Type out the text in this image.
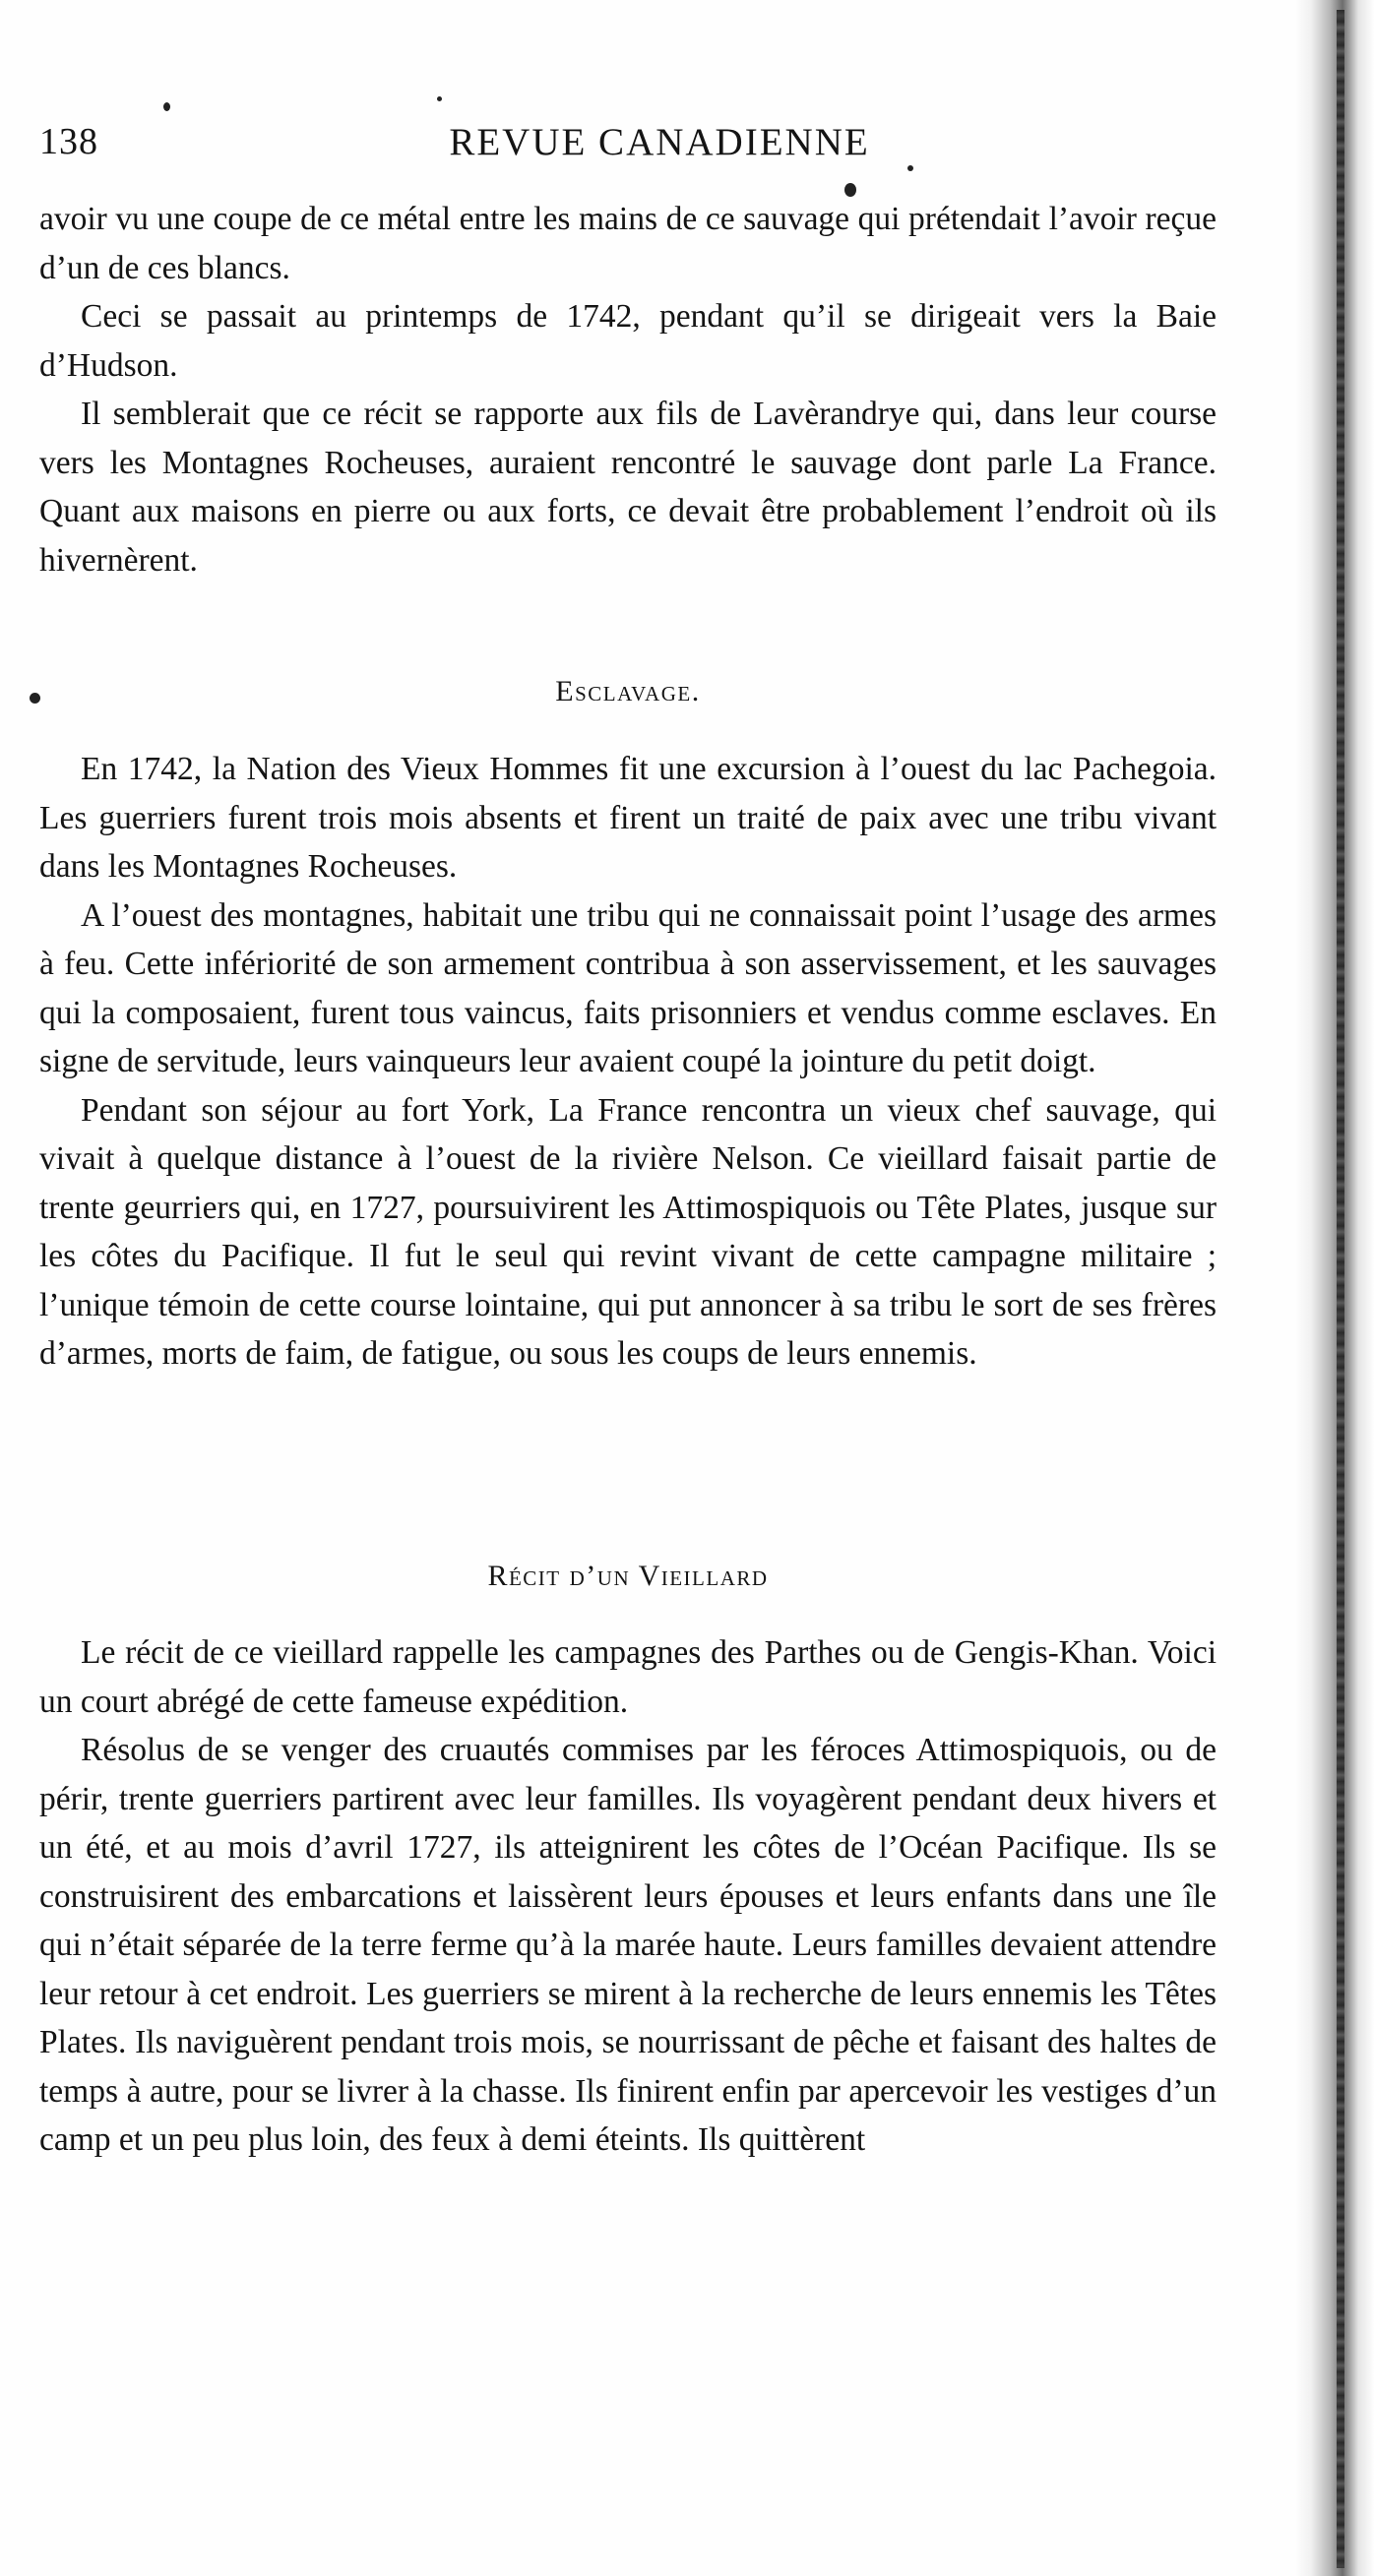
138	REVUE CANADIENNE

avoir vu une coupe de ce métal entre les mains de ce sauvage qui prétendait l’avoir reçue d’un de ces blancs.

Ceci se passait au printemps de 1742, pendant qu’il se dirigeait vers la Baie d’Hudson.

Il semblerait que ce récit se rapporte aux fils de Lavèrandrye qui, dans leur course vers les Montagnes Rocheuses, auraient rencontré le sauvage dont parle La France. Quant aux maisons en pierre ou aux forts, ce devait être probablement l’endroit où ils hivernèrent.

Esclavage.

En 1742, la Nation des Vieux Hommes fit une excursion à l’ouest du lac Pachegoia. Les guerriers furent trois mois absents et firent un traité de paix avec une tribu vivant dans les Montagnes Rocheuses.

A l’ouest des montagnes, habitait une tribu qui ne connaissait point l’usage des armes à feu. Cette infériorité de son armement contribua à son asservissement, et les sauvages qui la composaient, furent tous vaincus, faits prisonniers et vendus comme esclaves. En signe de servitude, leurs vainqueurs leur avaient coupé la jointure du petit doigt.

Pendant son séjour au fort York, La France rencontra un vieux chef sauvage, qui vivait à quelque distance à l’ouest de la rivière Nelson. Ce vieillard faisait partie de trente geurriers qui, en 1727, poursuivirent les Attimospiquois ou Tête Plates, jusque sur les côtes du Pacifique. Il fut le seul qui revint vivant de cette campagne militaire ; l’unique témoin de cette course lointaine, qui put annoncer à sa tribu le sort de ses frères d’armes, morts de faim, de fatigue, ou sous les coups de leurs ennemis.

Récit d’un Vieillard

Le récit de ce vieillard rappelle les campagnes des Parthes ou de Gengis-Khan. Voici un court abrégé de cette fameuse expédition.

Résolus de se venger des cruautés commises par les féroces Attimospiquois, ou de périr, trente guerriers partirent avec leur familles. Ils voyagèrent pendant deux hivers et un été, et au mois d’avril 1727, ils atteignirent les côtes de l’Océan Pacifique. Ils se construisirent des embarcations et laissèrent leurs épouses et leurs enfants dans une île qui n’était séparée de la terre ferme qu’à la marée haute. Leurs familles devaient attendre leur retour à cet endroit. Les guerriers se mirent à la recherche de leurs ennemis les Têtes Plates. Ils naviguèrent pendant trois mois, se nourrissant de pêche et faisant des haltes de temps à autre, pour se livrer à la chasse. Ils finirent enfin par apercevoir les vestiges d’un camp et un peu plus loin, des feux à demi éteints. Ils quittèrent
